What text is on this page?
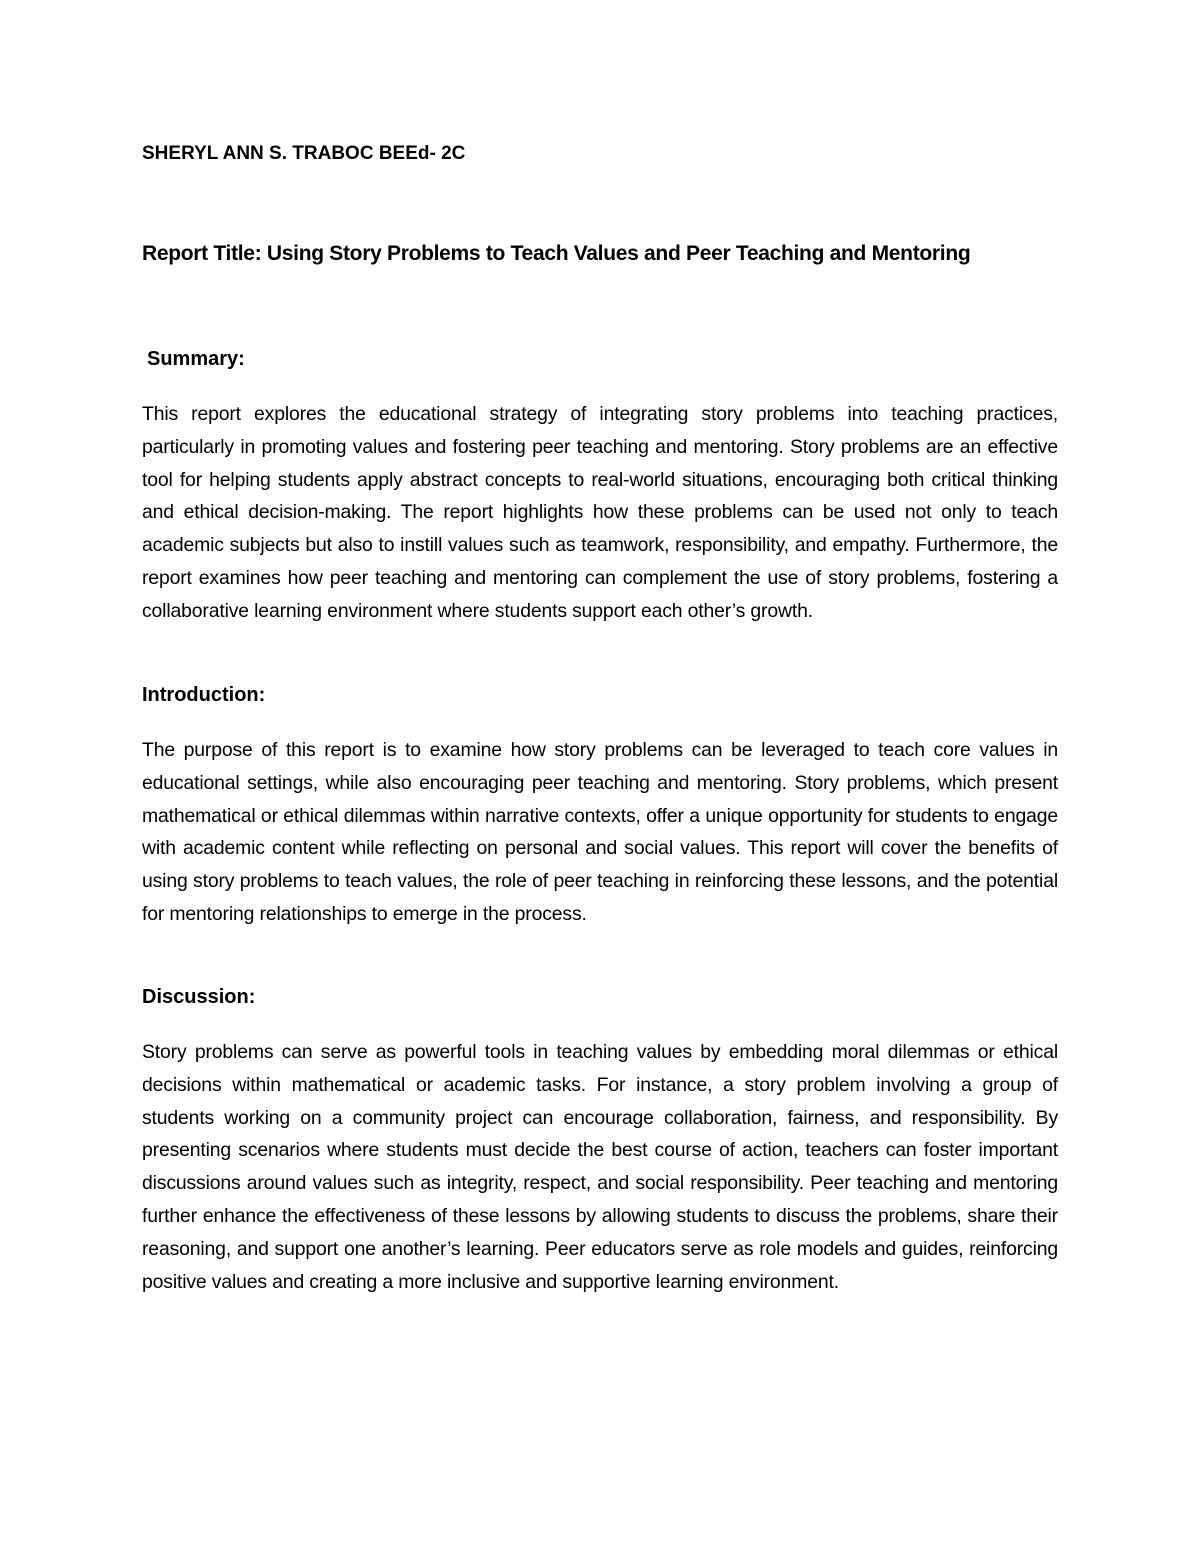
SHERYL ANN S. TRABOC BEEd- 2C
Report Title: Using Story Problems to Teach Values and Peer Teaching and Mentoring
Summary:
This report explores the educational strategy of integrating story problems into teaching practices, particularly in promoting values and fostering peer teaching and mentoring. Story problems are an effective tool for helping students apply abstract concepts to real-world situations, encouraging both critical thinking and ethical decision-making. The report highlights how these problems can be used not only to teach academic subjects but also to instill values such as teamwork, responsibility, and empathy. Furthermore, the report examines how peer teaching and mentoring can complement the use of story problems, fostering a collaborative learning environment where students support each other’s growth.
Introduction:
The purpose of this report is to examine how story problems can be leveraged to teach core values in educational settings, while also encouraging peer teaching and mentoring. Story problems, which present mathematical or ethical dilemmas within narrative contexts, offer a unique opportunity for students to engage with academic content while reflecting on personal and social values. This report will cover the benefits of using story problems to teach values, the role of peer teaching in reinforcing these lessons, and the potential for mentoring relationships to emerge in the process.
Discussion:
Story problems can serve as powerful tools in teaching values by embedding moral dilemmas or ethical decisions within mathematical or academic tasks. For instance, a story problem involving a group of students working on a community project can encourage collaboration, fairness, and responsibility. By presenting scenarios where students must decide the best course of action, teachers can foster important discussions around values such as integrity, respect, and social responsibility. Peer teaching and mentoring further enhance the effectiveness of these lessons by allowing students to discuss the problems, share their reasoning, and support one another’s learning. Peer educators serve as role models and guides, reinforcing positive values and creating a more inclusive and supportive learning environment.
